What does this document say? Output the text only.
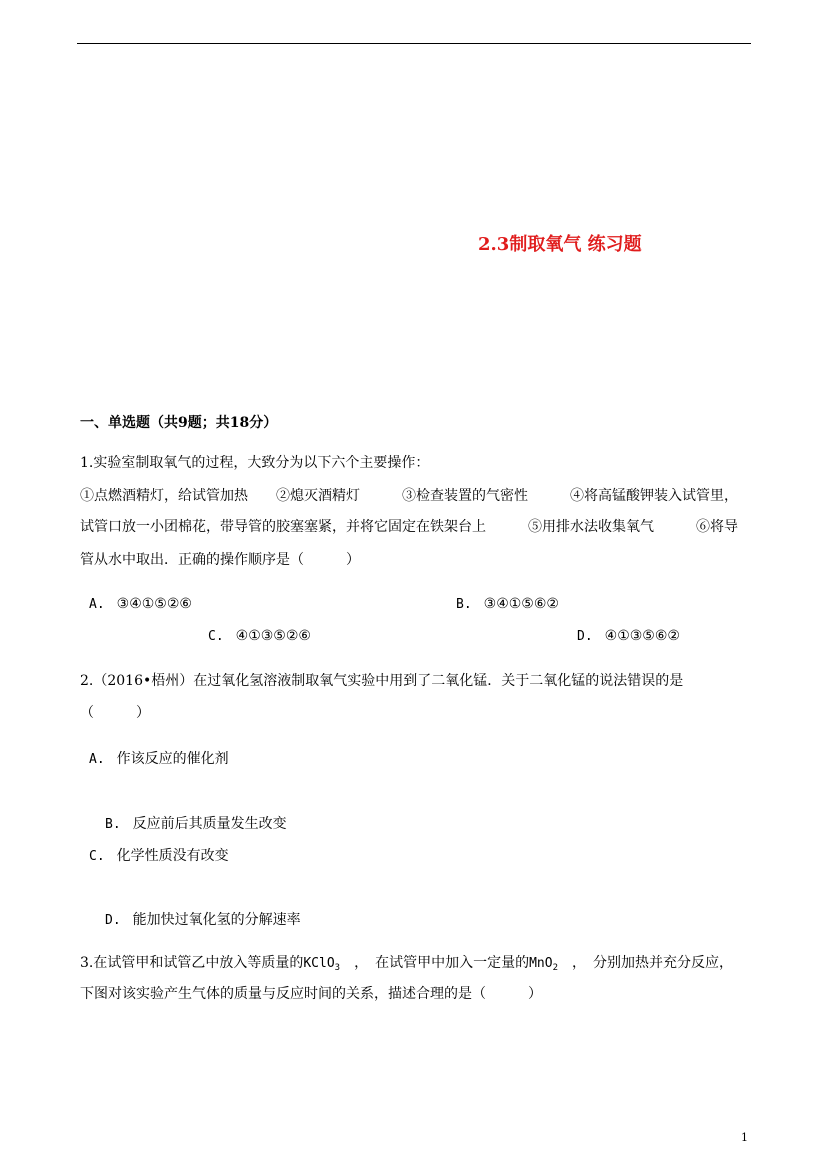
2.3制取氧气 练习题
一、单选题（共9题；共18分）
1.实验室制取氧气的过程，大致分为以下六个主要操作：
①点燃酒精灯，给试管加热　　②熄灭酒精灯　　　③检查装置的气密性　　　④将高锰酸钾装入试管里，
试管口放一小团棉花，带导管的胶塞塞紧，并将它固定在铁架台上　　　⑤用排水法收集氧气　　　⑥将导
管从水中取出．正确的操作顺序是（　　　）
A. ③④①⑤②⑥	B. ③④①⑤⑥②
C. ④①③⑤②⑥	D. ④①③⑤⑥②
2.（2016•梧州）在过氧化氢溶液制取氧气实验中用到了二氧化锰．关于二氧化锰的说法错误的是
（　　　）
A. 作该反应的催化剂
B. 反应前后其质量发生改变
C. 化学性质没有改变
D. 能加快过氧化氢的分解速率
3.在试管甲和试管乙中放入等质量的KClO$_3$　，　在试管甲中加入一定量的MnO$_2$　，　分别加热并充分反应，
下图对该实验产生气体的质量与反应时间的关系，描述合理的是（　　　）
1
